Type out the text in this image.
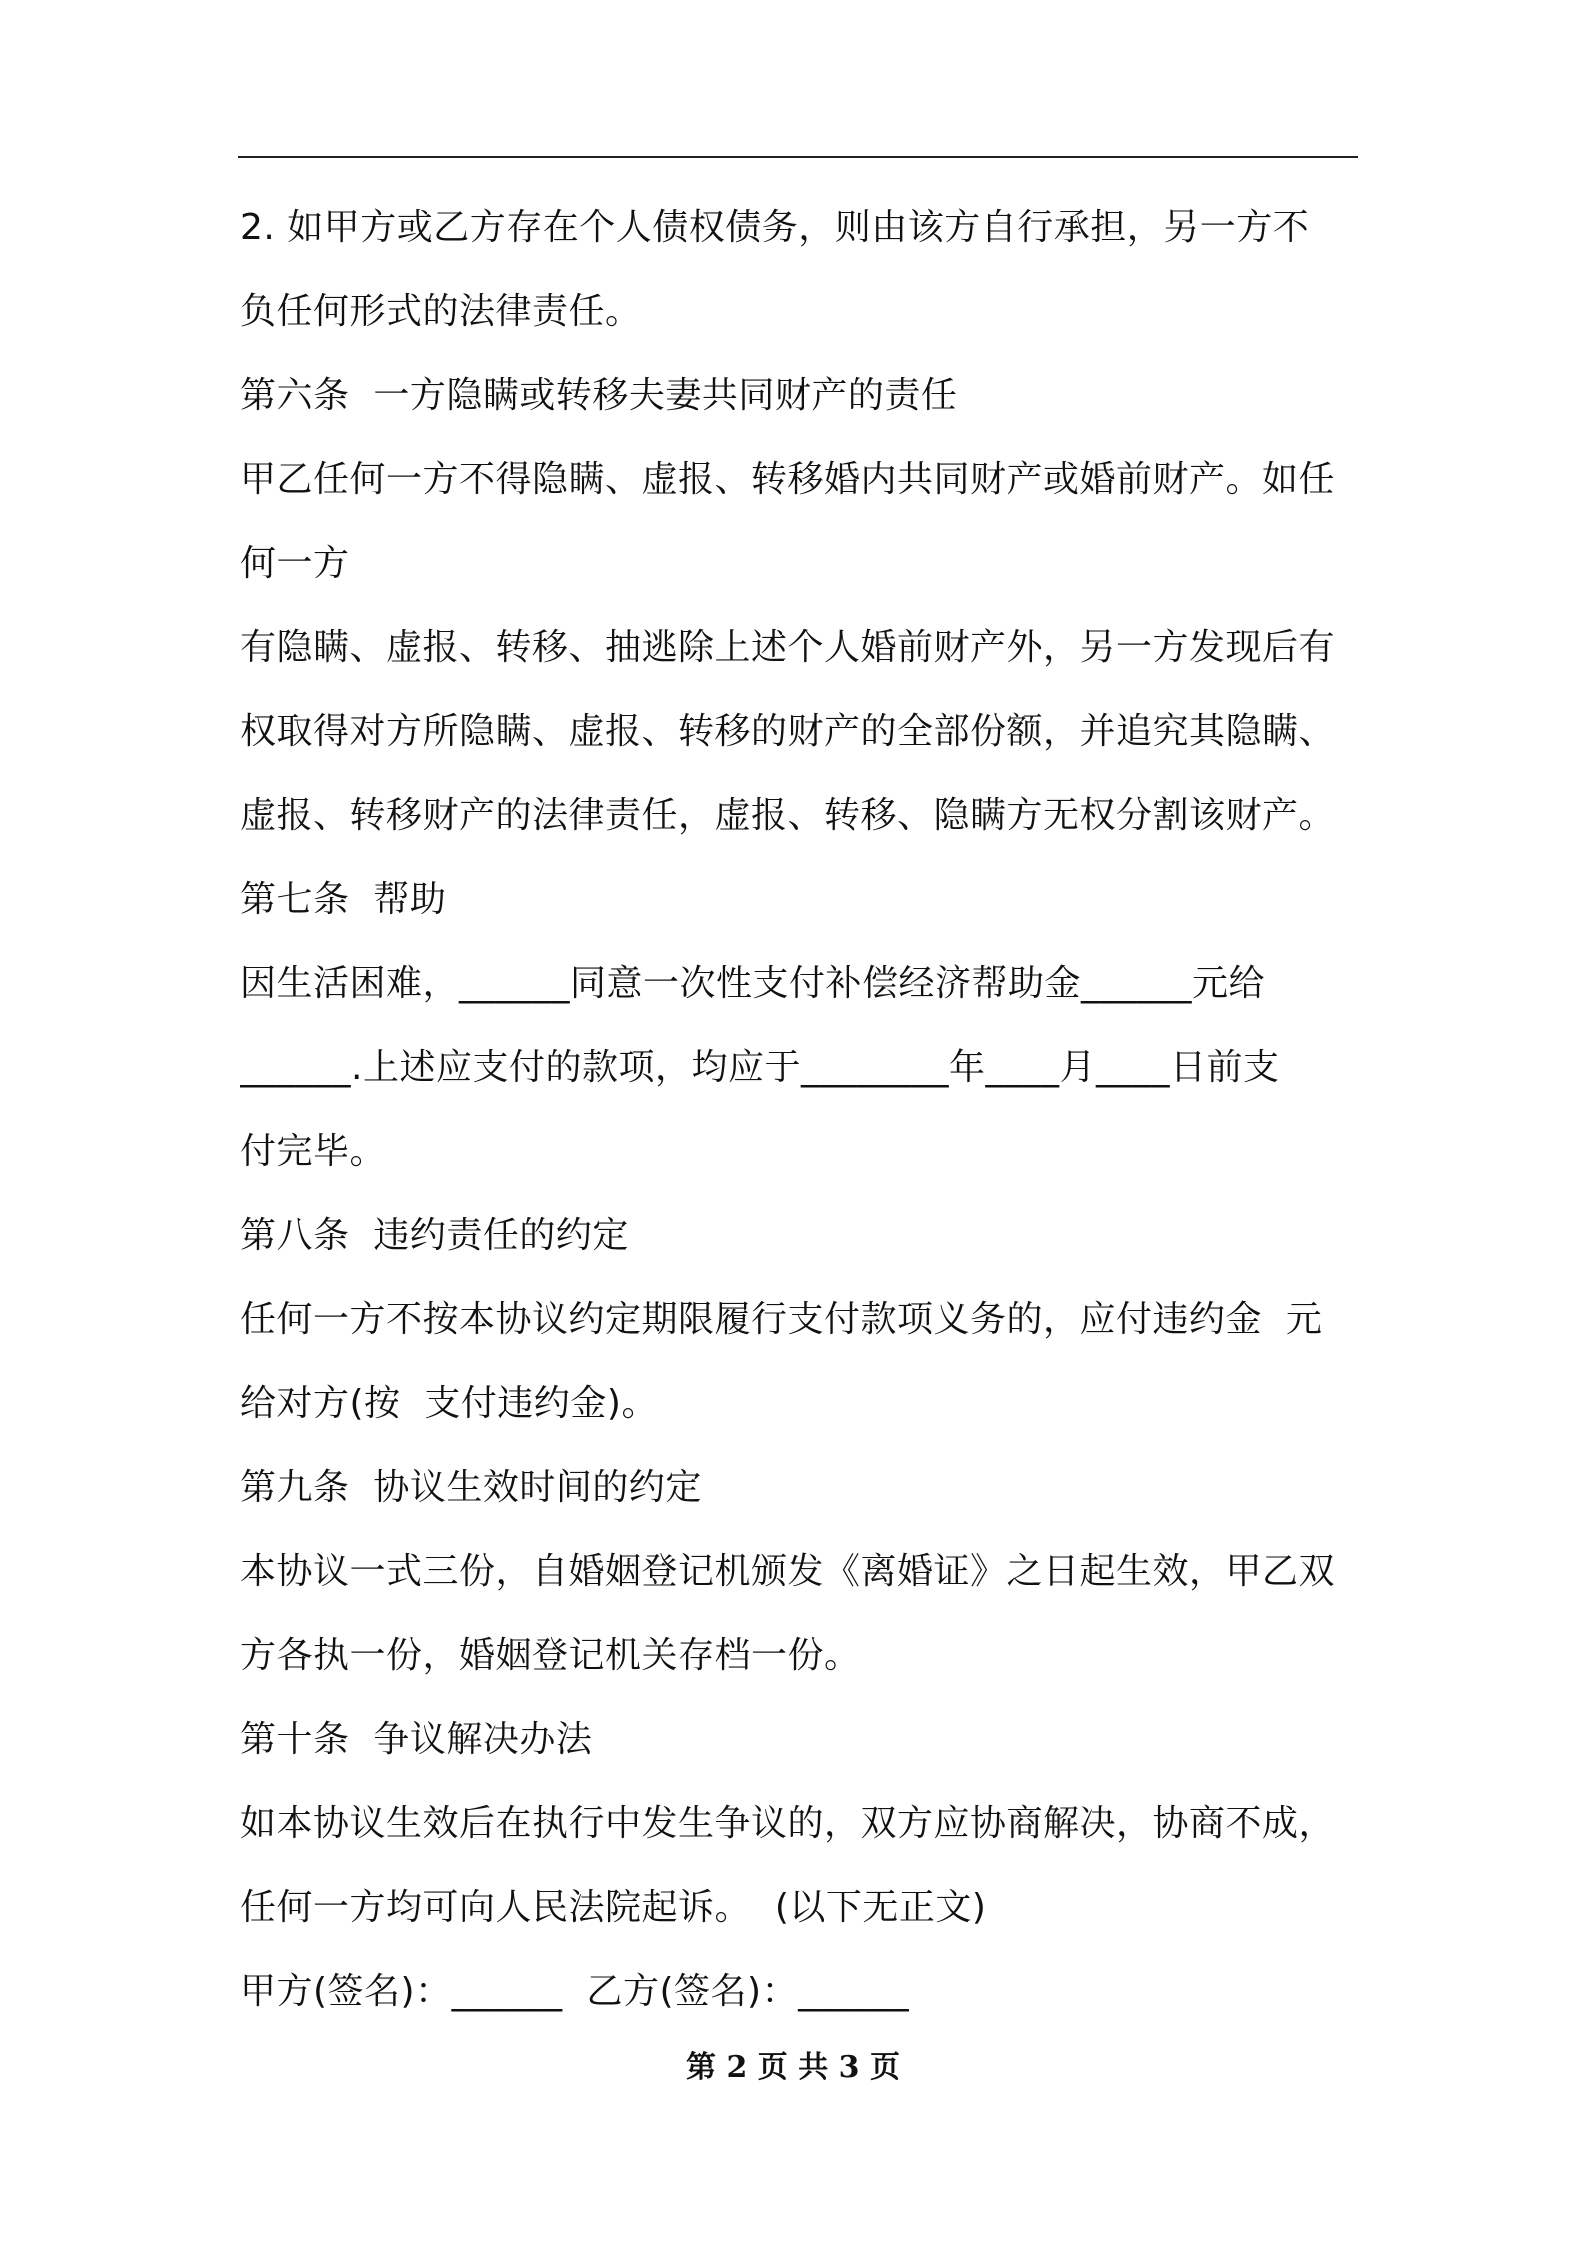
2. 如甲方或乙方存在个人债权债务，则由该方自行承担，另一方不
负任何形式的法律责任。
第六条  一方隐瞒或转移夫妻共同财产的责任
甲乙任何一方不得隐瞒、虚报、转移婚内共同财产或婚前财产。如任
何一方
有隐瞒、虚报、转移、抽逃除上述个人婚前财产外，另一方发现后有
权取得对方所隐瞒、虚报、转移的财产的全部份额，并追究其隐瞒、
虚报、转移财产的法律责任，虚报、转移、隐瞒方无权分割该财产。
第七条  帮助
因生活困难，______同意一次性支付补偿经济帮助金______元给
______.上述应支付的款项，均应于________年____月____日前支
付完毕。
第八条  违约责任的约定
任何一方不按本协议约定期限履行支付款项义务的，应付违约金  元
给对方(按  支付违约金)。
第九条  协议生效时间的约定
本协议一式三份，自婚姻登记机颁发《离婚证》之日起生效，甲乙双
方各执一份，婚姻登记机关存档一份。
第十条  争议解决办法
如本协议生效后在执行中发生争议的，双方应协商解决，协商不成，
任何一方均可向人民法院起诉。  (以下无正文)
甲方(签名)：______  乙方(签名)：______
第 2 页 共 3 页
